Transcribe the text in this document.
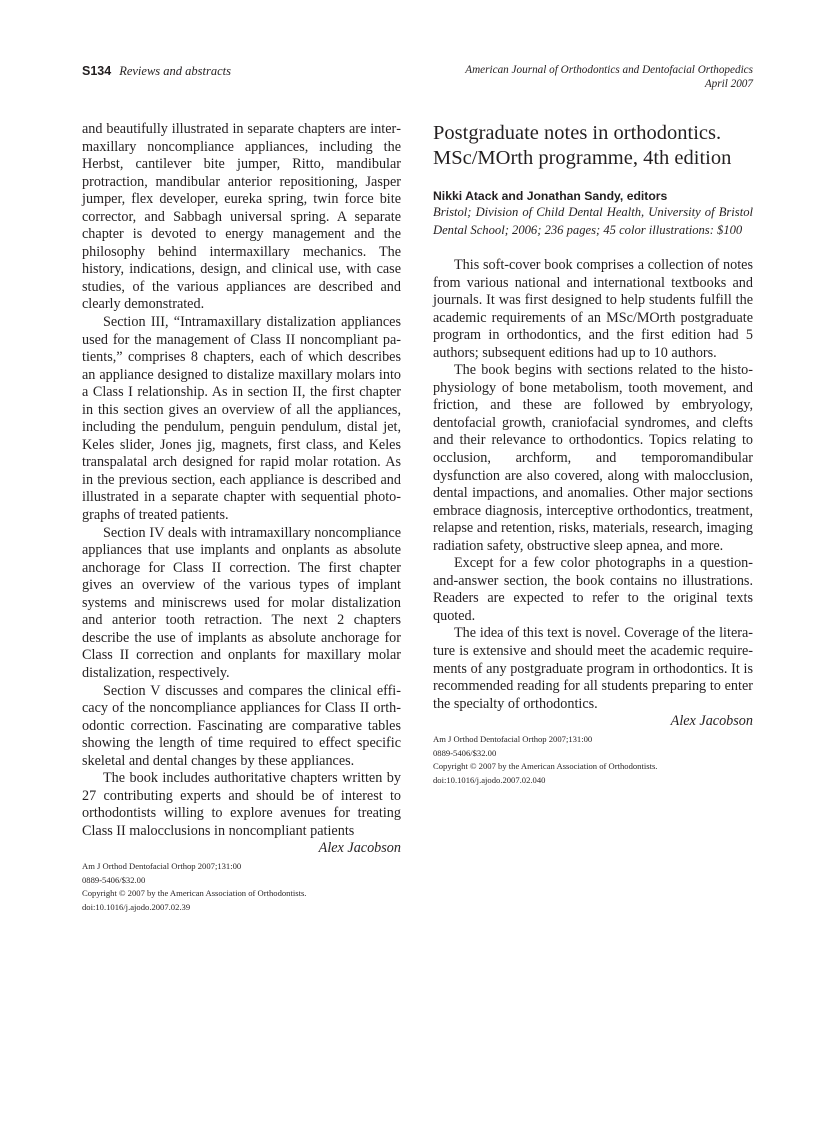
S134 Reviews and abstracts	American Journal of Orthodontics and Dentofacial Orthopedics
April 2007

and beautifully illustrated in separate chapters are intermaxillary noncompliance appliances, including the Herbst, cantilever bite jumper, Ritto, mandibular protraction, mandibular anterior repositioning, Jasper jumper, flex developer, eureka spring, twin force bite corrector, and Sabbagh universal spring. A separate chapter is devoted to energy management and the philosophy behind intermaxillary mechanics. The history, indications, design, and clinical use, with case studies, of the various appliances are described and clearly demonstrated.

Section III, “Intramaxillary distalization appliances used for the management of Class II noncompliant patients,” comprises 8 chapters, each of which describes an appliance designed to distalize maxillary molars into a Class I relationship. As in section II, the first chapter in this section gives an overview of all the appliances, including the pendulum, penguin pendulum, distal jet, Keles slider, Jones jig, magnets, first class, and Keles transpalatal arch designed for rapid molar rotation. As in the previous section, each appliance is described and illustrated in a separate chapter with sequential photographs of treated patients.

Section IV deals with intramaxillary noncompliance appliances that use implants and onplants as absolute anchorage for Class II correction. The first chapter gives an overview of the various types of implant systems and miniscrews used for molar distalization and anterior tooth retraction. The next 2 chapters describe the use of implants as absolute anchorage for Class II correction and onplants for maxillary molar distalization, respectively.

Section V discusses and compares the clinical efficacy of the noncompliance appliances for Class II orthodontic correction. Fascinating are comparative tables showing the length of time required to effect specific skeletal and dental changes by these appliances.

The book includes authoritative chapters written by 27 contributing experts and should be of interest to orthodontists willing to explore avenues for treating Class II malocclusions in noncompliant patients

Alex Jacobson
Am J Orthod Dentofacial Orthop 2007;131:00
0889-5406/$32.00
Copyright © 2007 by the American Association of Orthodontists.
doi:10.1016/j.ajodo.2007.02.39
Postgraduate notes in orthodontics.
MSc/MOrth programme, 4th edition
Nikki Atack and Jonathan Sandy, editors
Bristol; Division of Child Dental Health, University of Bristol Dental School; 2006; 236 pages; 45 color illustrations: $100

This soft-cover book comprises a collection of notes from various national and international textbooks and journals. It was first designed to help students fulfill the academic requirements of an MSc/​MOrth postgraduate program in orthodontics, and the first edition had 5 authors; subsequent editions had up to 10 authors.

The book begins with sections related to the histophysiology of bone metabolism, tooth movement, and friction, and these are followed by embryology, dentofacial growth, craniofacial syndromes, and clefts and their relevance to orthodontics. Topics relating to occlusion, archform, and temporomandibular dysfunction are also covered, along with malocclusion, dental impactions, and anomalies. Other major sections embrace diagnosis, interceptive orthodontics, treatment, relapse and retention, risks, materials, research, imaging radiation safety, obstructive sleep apnea, and more.

Except for a few color photographs in a question-and-answer section, the book contains no illustrations. Readers are expected to refer to the original texts quoted.

The idea of this text is novel. Coverage of the literature is extensive and should meet the academic requirements of any postgraduate program in orthodontics. It is recommended reading for all students preparing to enter the specialty of orthodontics.

Alex Jacobson
Am J Orthod Dentofacial Orthop 2007;131:00
0889-5406/$32.00
Copyright © 2007 by the American Association of Orthodontists.
doi:10.1016/j.ajodo.2007.02.040
